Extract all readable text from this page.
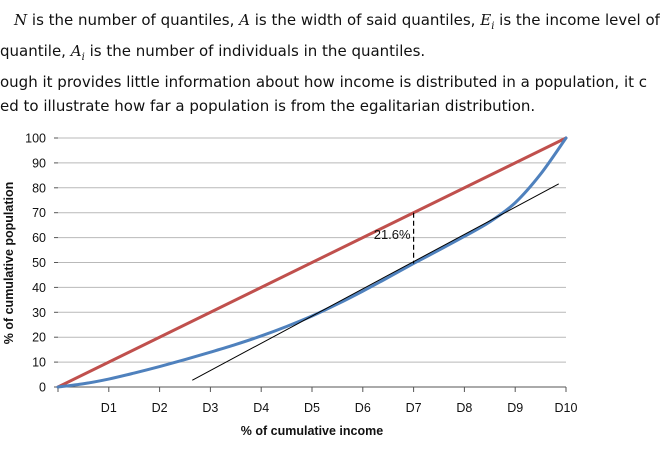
N is the number of quantiles, A is the width of said quantiles, $E_i$ is the income level of
quantile, $A_i$ is the number of individuals in the quantiles.
ough it provides little information about how income is distributed in a population, it c
ed to illustrate how far a population is from the egalitarian distribution.
0
10
20
30
40
50
60
70
80
90
100
D1	D2	D3	D4	D5	D6	D7	D8	D9	D10
21.6%
% of cumulative income
% of cumulative population
